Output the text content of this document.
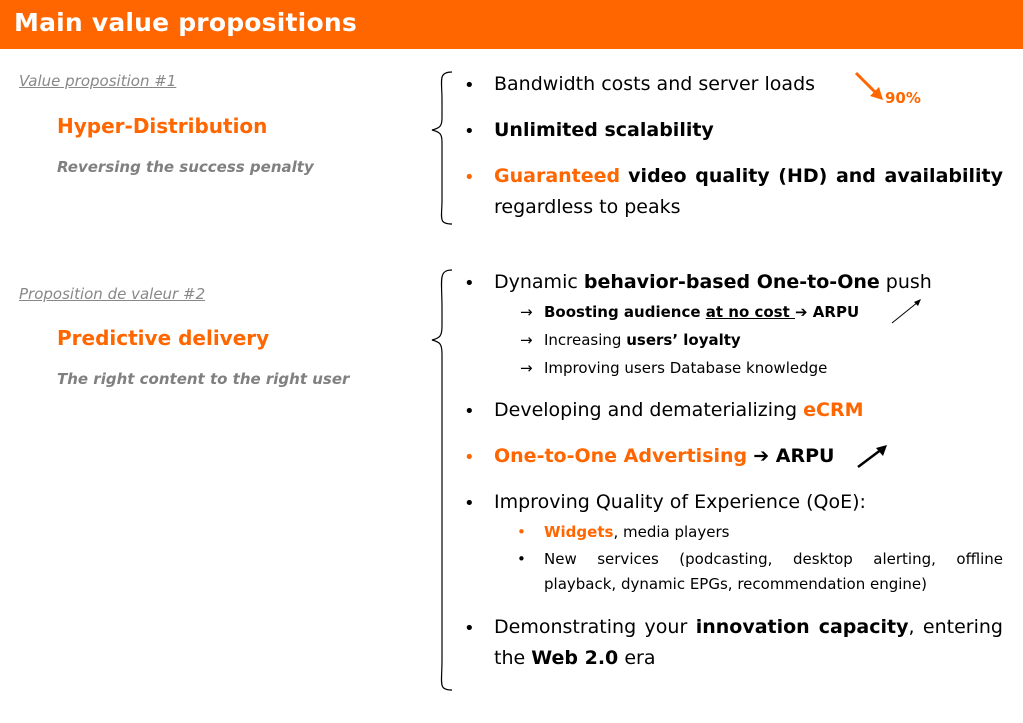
Main value propositions
Value proposition #1
Hyper-Distribution
Reversing the success penalty
Proposition de valeur #2
Predictive delivery
The right content to the right user
• Bandwidth costs and server loads
90%
• Unlimited scalability
• Guaranteed video quality (HD) and availability
regardless to peaks
• Dynamic behavior-based One-to-One push
→ Boosting audience at no cost ➔ ARPU
→ Increasing users’ loyalty
→ Improving users Database knowledge
• Developing and dematerializing eCRM
• One-to-One Advertising ➔ ARPU
• Improving Quality of Experience (QoE):
• Widgets, media players
• New services (podcasting, desktop alerting, offline
playback, dynamic EPGs, recommendation engine)
• Demonstrating your innovation capacity, entering
the Web 2.0 era
